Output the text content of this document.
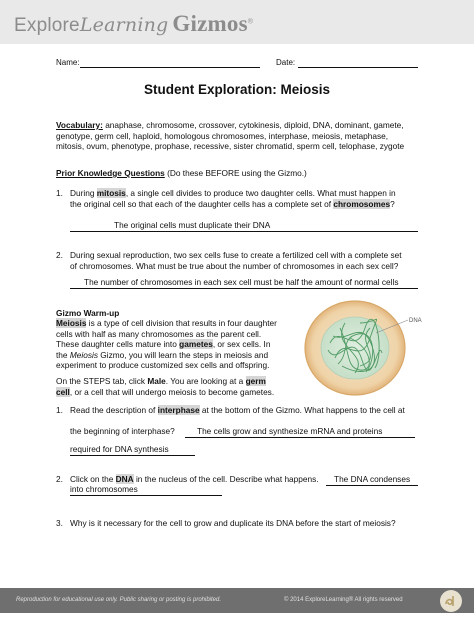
ExploreLearning Gizmos®
Name:	Date:
Student Exploration: Meiosis
Vocabulary: anaphase, chromosome, crossover, cytokinesis, diploid, DNA, dominant, gamete,
genotype, germ cell, haploid, homologous chromosomes, interphase, meiosis, metaphase,
mitosis, ovum, phenotype, prophase, recessive, sister chromatid, sperm cell, telophase, zygote
Prior Knowledge Questions (Do these BEFORE using the Gizmo.)
1. During mitosis, a single cell divides to produce two daughter cells. What must happen in
the original cell so that each of the daughter cells has a complete set of chromosomes?
The original cells must duplicate their DNA
2. During sexual reproduction, two sex cells fuse to create a fertilized cell with a complete set
of chromosomes. What must be true about the number of chromosomes in each sex cell?
The number of chromosomes in each sex cell must be half the amount of normal cells
Gizmo Warm-up
Meiosis is a type of cell division that results in four daughter
cells with half as many chromosomes as the parent cell.
These daughter cells mature into gametes, or sex cells. In
the Meiosis Gizmo, you will learn the steps in meiosis and
experiment to produce customized sex cells and offspring.
On the STEPS tab, click Male. You are looking at a germ
cell, or a cell that will undergo meiosis to become gametes.
DNA
1. Read the description of interphase at the bottom of the Gizmo. What happens to the cell at
the beginning of interphase?	The cells grow and synthesize mRNA and proteins
required for DNA synthesis
2. Click on the DNA in the nucleus of the cell. Describe what happens. The DNA condenses
into chromosomes
3. Why is it necessary for the cell to grow and duplicate its DNA before the start of meiosis?
Reproduction for educational use only. Public sharing or posting is prohibited.	© 2014 ExploreLearning® All rights reserved
